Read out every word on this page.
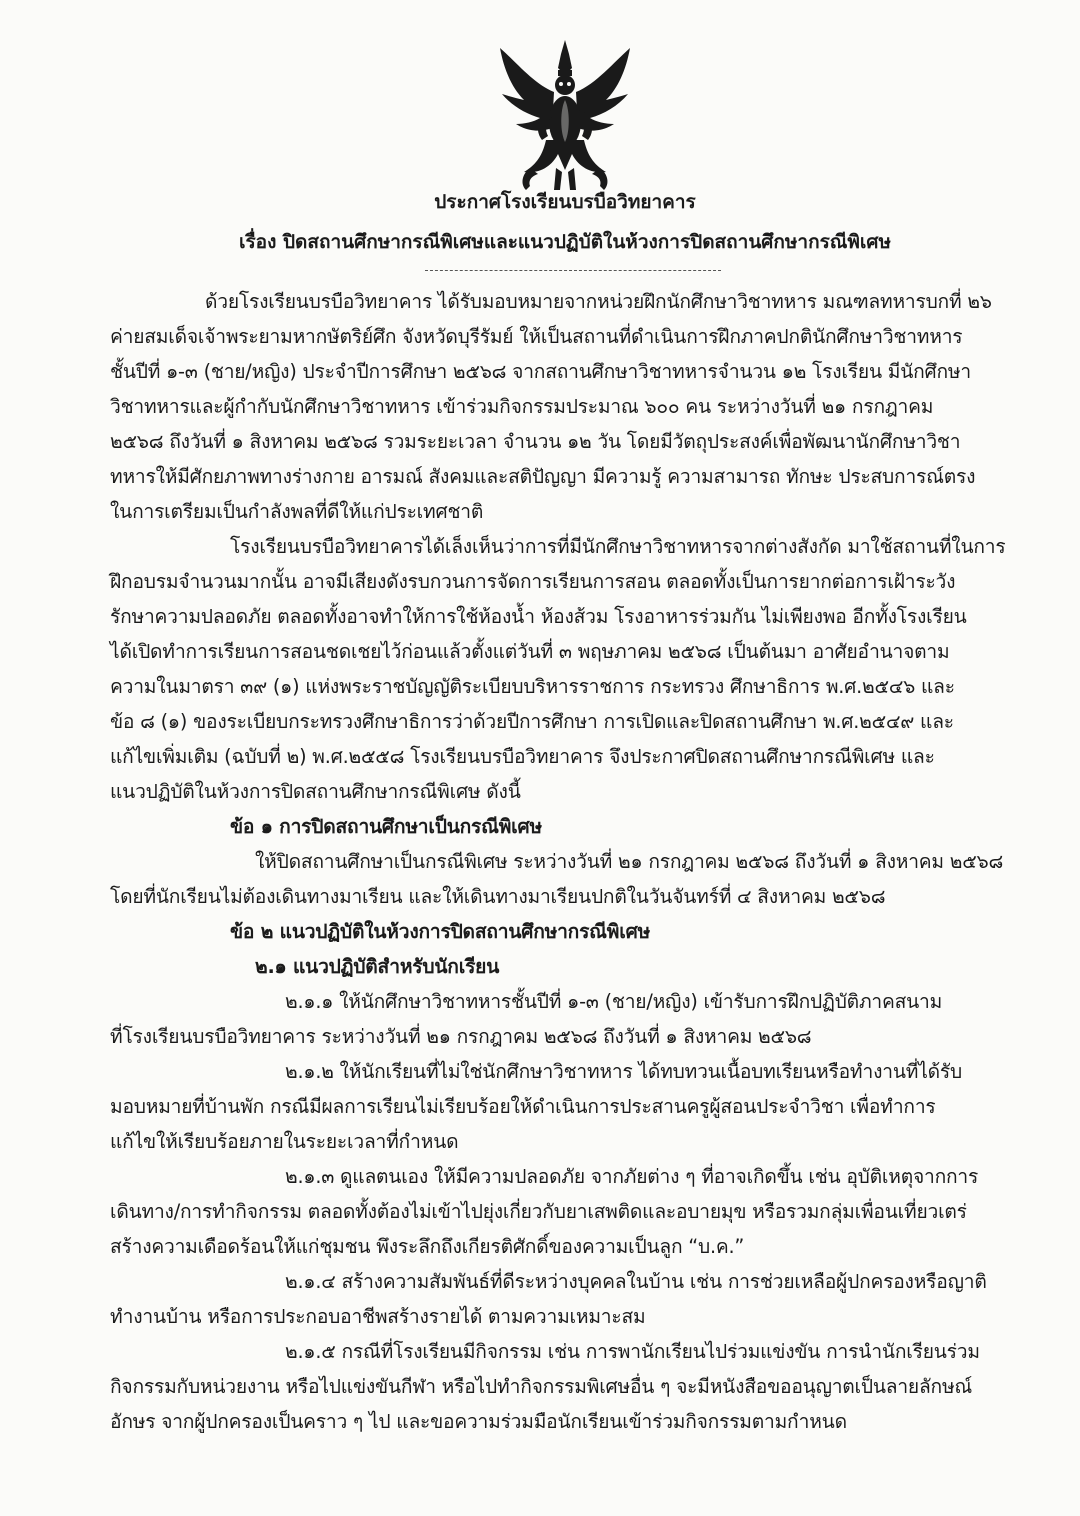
ประกาศโรงเรียนบรบือวิทยาคาร
เรื่อง ปิดสถานศึกษากรณีพิเศษและแนวปฏิบัติในห้วงการปิดสถานศึกษากรณีพิเศษ
ด้วยโรงเรียนบรบือวิทยาคาร ได้รับมอบหมายจากหน่วยฝึกนักศึกษาวิชาทหาร มณฑลทหารบกที่ ๒๖
ค่ายสมเด็จเจ้าพระยามหากษัตริย์ศึก จังหวัดบุรีรัมย์ ให้เป็นสถานที่ดำเนินการฝึกภาคปกตินักศึกษาวิชาทหาร
ชั้นปีที่ ๑-๓ (ชาย/หญิง) ประจำปีการศึกษา ๒๕๖๘ จากสถานศึกษาวิชาทหารจำนวน ๑๒ โรงเรียน มีนักศึกษา
วิชาทหารและผู้กำกับนักศึกษาวิชาทหาร เข้าร่วมกิจกรรมประมาณ ๖๐๐ คน ระหว่างวันที่ ๒๑ กรกฎาคม
๒๕๖๘ ถึงวันที่ ๑ สิงหาคม ๒๕๖๘ รวมระยะเวลา จำนวน ๑๒ วัน โดยมีวัตถุประสงค์เพื่อพัฒนานักศึกษาวิชา
ทหารให้มีศักยภาพทางร่างกาย อารมณ์ สังคมและสติปัญญา มีความรู้ ความสามารถ ทักษะ ประสบการณ์ตรง
ในการเตรียมเป็นกำลังพลที่ดีให้แก่ประเทศชาติ
โรงเรียนบรบือวิทยาคารได้เล็งเห็นว่าการที่มีนักศึกษาวิชาทหารจากต่างสังกัด มาใช้สถานที่ในการ
ฝึกอบรมจำนวนมากนั้น อาจมีเสียงดังรบกวนการจัดการเรียนการสอน ตลอดทั้งเป็นการยากต่อการเฝ้าระวัง
รักษาความปลอดภัย ตลอดทั้งอาจทำให้การใช้ห้องน้ำ ห้องส้วม โรงอาหารร่วมกัน ไม่เพียงพอ อีกทั้งโรงเรียน
ได้เปิดทำการเรียนการสอนชดเชยไว้ก่อนแล้วตั้งแต่วันที่ ๓ พฤษภาคม ๒๕๖๘ เป็นต้นมา อาศัยอำนาจตาม
ความในมาตรา ๓๙ (๑) แห่งพระราชบัญญัติระเบียบบริหารราชการ กระทรวง ศึกษาธิการ พ.ศ.๒๕๔๖ และ
ข้อ ๘ (๑) ของระเบียบกระทรวงศึกษาธิการว่าด้วยปีการศึกษา การเปิดและปิดสถานศึกษา พ.ศ.๒๕๔๙ และ
แก้ไขเพิ่มเติม (ฉบับที่ ๒) พ.ศ.๒๕๕๘ โรงเรียนบรบือวิทยาคาร จึงประกาศปิดสถานศึกษากรณีพิเศษ และ
แนวปฏิบัติในห้วงการปิดสถานศึกษากรณีพิเศษ ดังนี้
ข้อ ๑ การปิดสถานศึกษาเป็นกรณีพิเศษ
ให้ปิดสถานศึกษาเป็นกรณีพิเศษ ระหว่างวันที่ ๒๑ กรกฎาคม ๒๕๖๘ ถึงวันที่ ๑ สิงหาคม ๒๕๖๘
โดยที่นักเรียนไม่ต้องเดินทางมาเรียน และให้เดินทางมาเรียนปกติในวันจันทร์ที่ ๔ สิงหาคม ๒๕๖๘
ข้อ ๒ แนวปฏิบัติในห้วงการปิดสถานศึกษากรณีพิเศษ
๒.๑ แนวปฏิบัติสำหรับนักเรียน
๒.๑.๑ ให้นักศึกษาวิชาทหารชั้นปีที่ ๑-๓ (ชาย/หญิง) เข้ารับการฝึกปฏิบัติภาคสนาม
ที่โรงเรียนบรบือวิทยาคาร ระหว่างวันที่ ๒๑ กรกฎาคม ๒๕๖๘ ถึงวันที่ ๑ สิงหาคม ๒๕๖๘
๒.๑.๒ ให้นักเรียนที่ไม่ใช่นักศึกษาวิชาทหาร ได้ทบทวนเนื้อบทเรียนหรือทำงานที่ได้รับ
มอบหมายที่บ้านพัก กรณีมีผลการเรียนไม่เรียบร้อยให้ดำเนินการประสานครูผู้สอนประจำวิชา เพื่อทำการ
แก้ไขให้เรียบร้อยภายในระยะเวลาที่กำหนด
๒.๑.๓ ดูแลตนเอง ให้มีความปลอดภัย จากภัยต่าง ๆ ที่อาจเกิดขึ้น เช่น อุบัติเหตุจากการ
เดินทาง/การทำกิจกรรม ตลอดทั้งต้องไม่เข้าไปยุ่งเกี่ยวกับยาเสพติดและอบายมุข หรือรวมกลุ่มเพื่อนเที่ยวเตร่
สร้างความเดือดร้อนให้แก่ชุมชน พึงระลึกถึงเกียรติศักดิ์ของความเป็นลูก “บ.ค.”
๒.๑.๔ สร้างความสัมพันธ์ที่ดีระหว่างบุคคลในบ้าน เช่น การช่วยเหลือผู้ปกครองหรือญาติ
ทำงานบ้าน หรือการประกอบอาชีพสร้างรายได้ ตามความเหมาะสม
๒.๑.๕ กรณีที่โรงเรียนมีกิจกรรม เช่น การพานักเรียนไปร่วมแข่งขัน การนำนักเรียนร่วม
กิจกรรมกับหน่วยงาน หรือไปแข่งขันกีฬา หรือไปทำกิจกรรมพิเศษอื่น ๆ จะมีหนังสือขออนุญาตเป็นลายลักษณ์
อักษร จากผู้ปกครองเป็นคราว ๆ ไป และขอความร่วมมือนักเรียนเข้าร่วมกิจกรรมตามกำหนด
